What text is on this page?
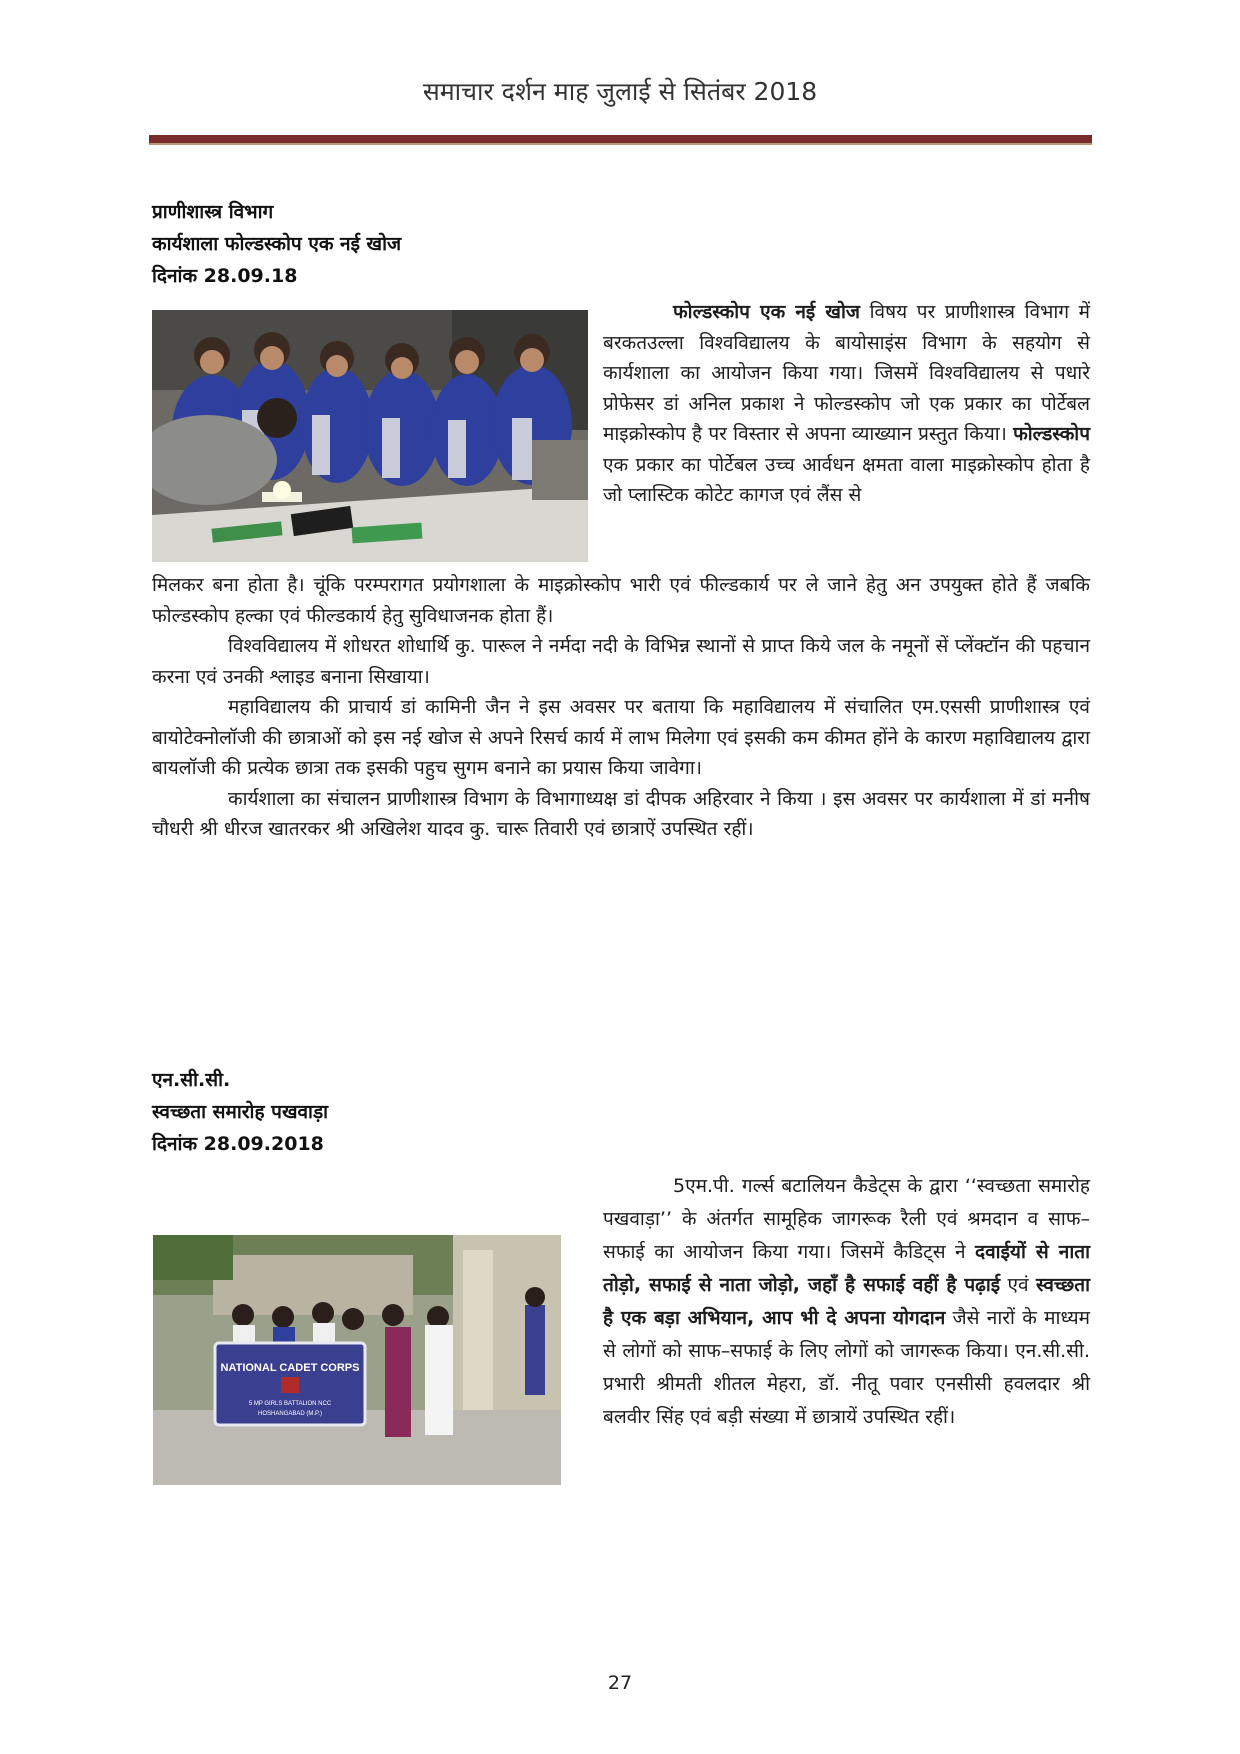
समाचार दर्शन माह जुलाई से सितंबर 2018
प्राणीशास्त्र विभाग
कार्यशाला फोल्डस्कोप एक नई खोज
दिनांक 28.09.18

फोल्डस्कोप एक नई खोज विषय पर प्राणीशास्त्र विभाग में बरकतउल्ला विश्वविद्यालय के बायोसाइंस विभाग के सहयोग से कार्यशाला का आयोजन किया गया। जिसमें विश्वविद्यालय से पधारे प्रोफेसर डां अनिल प्रकाश ने फोल्डस्कोप जो एक प्रकार का पोर्टेबल माइक्रोस्कोप है पर विस्तार से अपना व्याख्यान प्रस्तुत किया। फोल्डस्कोप एक प्रकार का पोर्टेबल उच्च आर्वधन क्षमता वाला माइक्रोस्कोप होता है जो प्लास्टिक कोटेट कागज एवं लैंस से

मिलकर बना होता है। चूंकि परम्परागत प्रयोगशाला के माइक्रोस्कोप भारी एवं फील्डकार्य पर ले जाने हेतु अन उपयुक्त होते हैं जबकि फोल्डस्कोप हल्का एवं फील्डकार्य हेतु सुविधाजनक होता हैं।

विश्वविद्यालय में शोधरत शोधार्थि कु. पारूल ने नर्मदा नदी के विभिन्न स्थानों से प्राप्त किये जल के नमूनों सें प्लेंक्टॉन की पहचान करना एवं उनकी श्लाइड बनाना सिखाया।

महाविद्यालय की प्राचार्य डां कामिनी जैन ने इस अवसर पर बताया कि महाविद्यालय में संचालित एम.एससी प्राणीशास्त्र एवं बायोटेक्नोलॉजी की छात्राओं को इस नई खोज से अपने रिसर्च कार्य में लाभ मिलेगा एवं इसकी कम कीमत होंने के कारण महाविद्यालय द्वारा बायलॉजी की प्रत्येक छात्रा तक इसकी पहुच सुगम बनाने का प्रयास किया जावेगा।

कार्यशाला का संचालन प्राणीशास्त्र विभाग के विभागाध्यक्ष डां दीपक अहिरवार ने किया । इस अवसर पर कार्यशाला में डां मनीष चौधरी श्री धीरज खातरकर श्री अखिलेश यादव कु. चारू तिवारी एवं छात्राऐं उपस्थित रहीं।

एन.सी.सी.
स्वच्छता समारोह पखवाड़ा
दिनांक 28.09.2018
NATIONAL CADET CORPS
5 MP GIRLS BATTALION NCC
HOSHANGABAD (M.P.)

5एम.पी. गर्ल्स बटालियन कैडेट्स के द्वारा ‘‘स्वच्छता समारोह पखवाड़ा’’ के अंतर्गत सामूहिक जागरूक रैली एवं श्रमदान व साफ–सफाई का आयोजन किया गया। जिसमें कैडिट्स ने दवाईयों से नाता तोड़ो, सफाई से नाता जोड़ो, जहाँ है सफाई वहीं है पढ़ाई एवं स्वच्छता है एक बड़ा अभियान, आप भी दे अपना योगदान जैसे नारों के माध्यम से लोगों को साफ–सफाई के लिए लोगों को जागरूक किया। एन.सी.सी. प्रभारी श्रीमती शीतल मेहरा, डॉ. नीतू पवार एनसीसी हवलदार श्री बलवीर सिंह एवं बड़ी संख्या में छात्रायें उपस्थित रहीं।

27
